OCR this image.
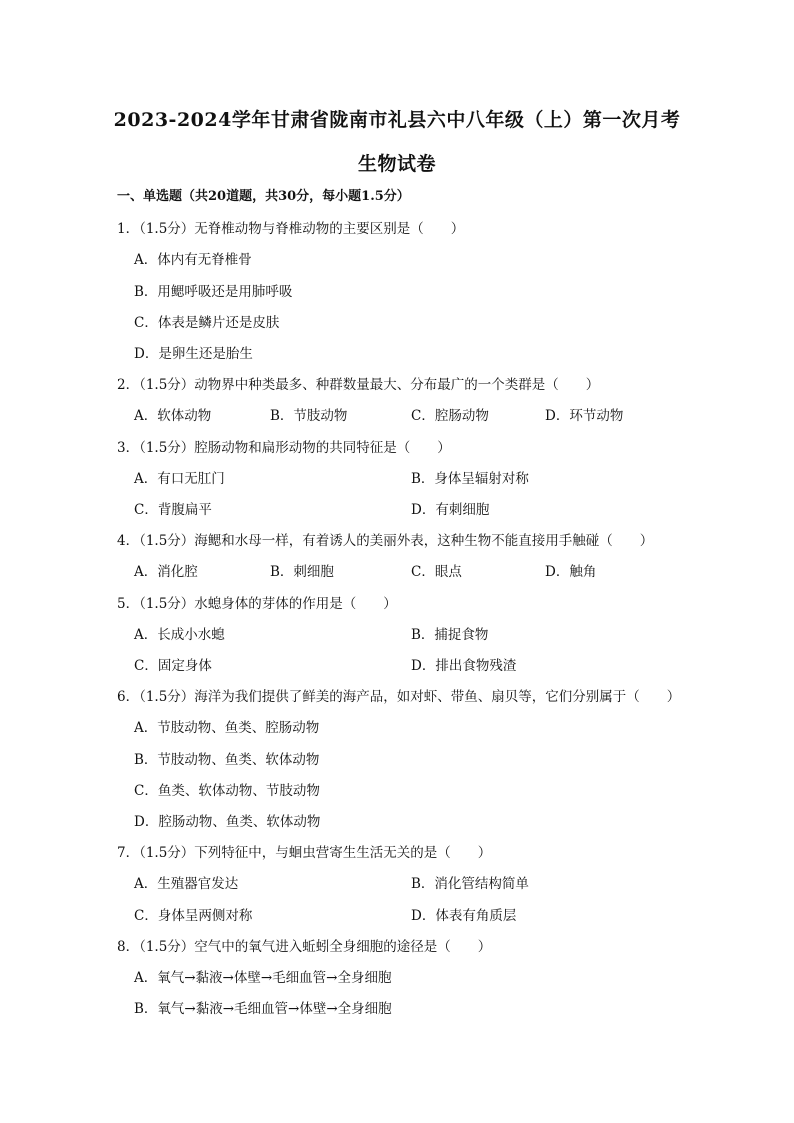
2023-2024学年甘肃省陇南市礼县六中八年级（上）第一次月考
生物试卷
一、单选题（共20道题，共30分，每小题1.5分）
1．（1.5分）无脊椎动物与脊椎动物的主要区别是（　　）
A．体内有无脊椎骨
B．用鳃呼吸还是用肺呼吸
C．体表是鳞片还是皮肤
D．是卵生还是胎生
2．（1.5分）动物界中种类最多、种群数量最大、分布最广的一个类群是（　　）
A．软体动物	B．节肢动物	C．腔肠动物	D．环节动物
3．（1.5分）腔肠动物和扁形动物的共同特征是（　　）
A．有口无肛门	B．身体呈辐射对称
C．背腹扁平	D．有刺细胞
4．（1.5分）海鳃和水母一样，有着诱人的美丽外表，这种生物不能直接用手触碰（　　）
A．消化腔	B．刺细胞	C．眼点	D．触角
5．（1.5分）水螅身体的芽体的作用是（　　）
A．长成小水螅	B．捕捉食物
C．固定身体	D．排出食物残渣
6．（1.5分）海洋为我们提供了鲜美的海产品，如对虾、带鱼、扇贝等，它们分别属于（　　）
A．节肢动物、鱼类、腔肠动物
B．节肢动物、鱼类、软体动物
C．鱼类、软体动物、节肢动物
D．腔肠动物、鱼类、软体动物
7．（1.5分）下列特征中，与蛔虫营寄生生活无关的是（　　）
A．生殖器官发达	B．消化管结构简单
C．身体呈两侧对称	D．体表有角质层
8．（1.5分）空气中的氧气进入蚯蚓全身细胞的途径是（　　）
A．氧气→黏液→体壁→毛细血管→全身细胞
B．氧气→黏液→毛细血管→体壁→全身细胞
